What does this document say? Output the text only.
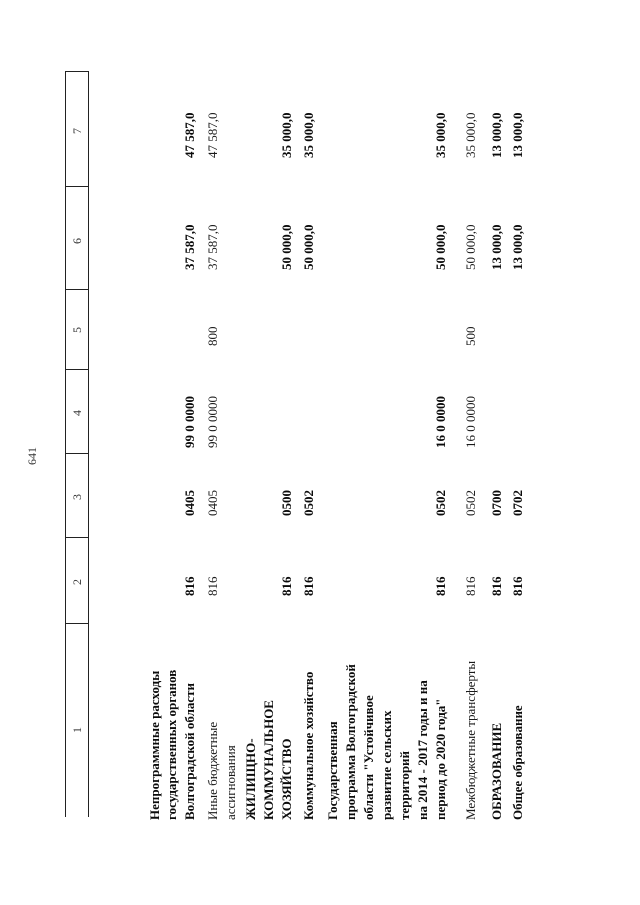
641
1
2
3
4
5
6
7
Непрограммные расходы государственных органов Волгоградской области
816
0405
99 0 0000
37 587,0
47 587,0
Иные бюджетные ассигнования
816
0405
99 0 0000
800
37 587,0
47 587,0
ЖИЛИЩНО- КОММУНАЛЬНОЕ ХОЗЯЙСТВО
816
0500
50 000,0
35 000,0
Коммунальное хозяйство
816
0502
50 000,0
35 000,0
Государственная программа Волгоградской области "Устойчивое развитие сельских территорий на 2014 - 2017 годы и на период до 2020 года"
816
0502
16 0 0000
50 000,0
35 000,0
Межбюджетные трансферты
816
0502
16 0 0000
500
50 000,0
35 000,0
ОБРАЗОВАНИЕ
816
0700
13 000,0
13 000,0
Общее образование
816
0702
13 000,0
13 000,0
